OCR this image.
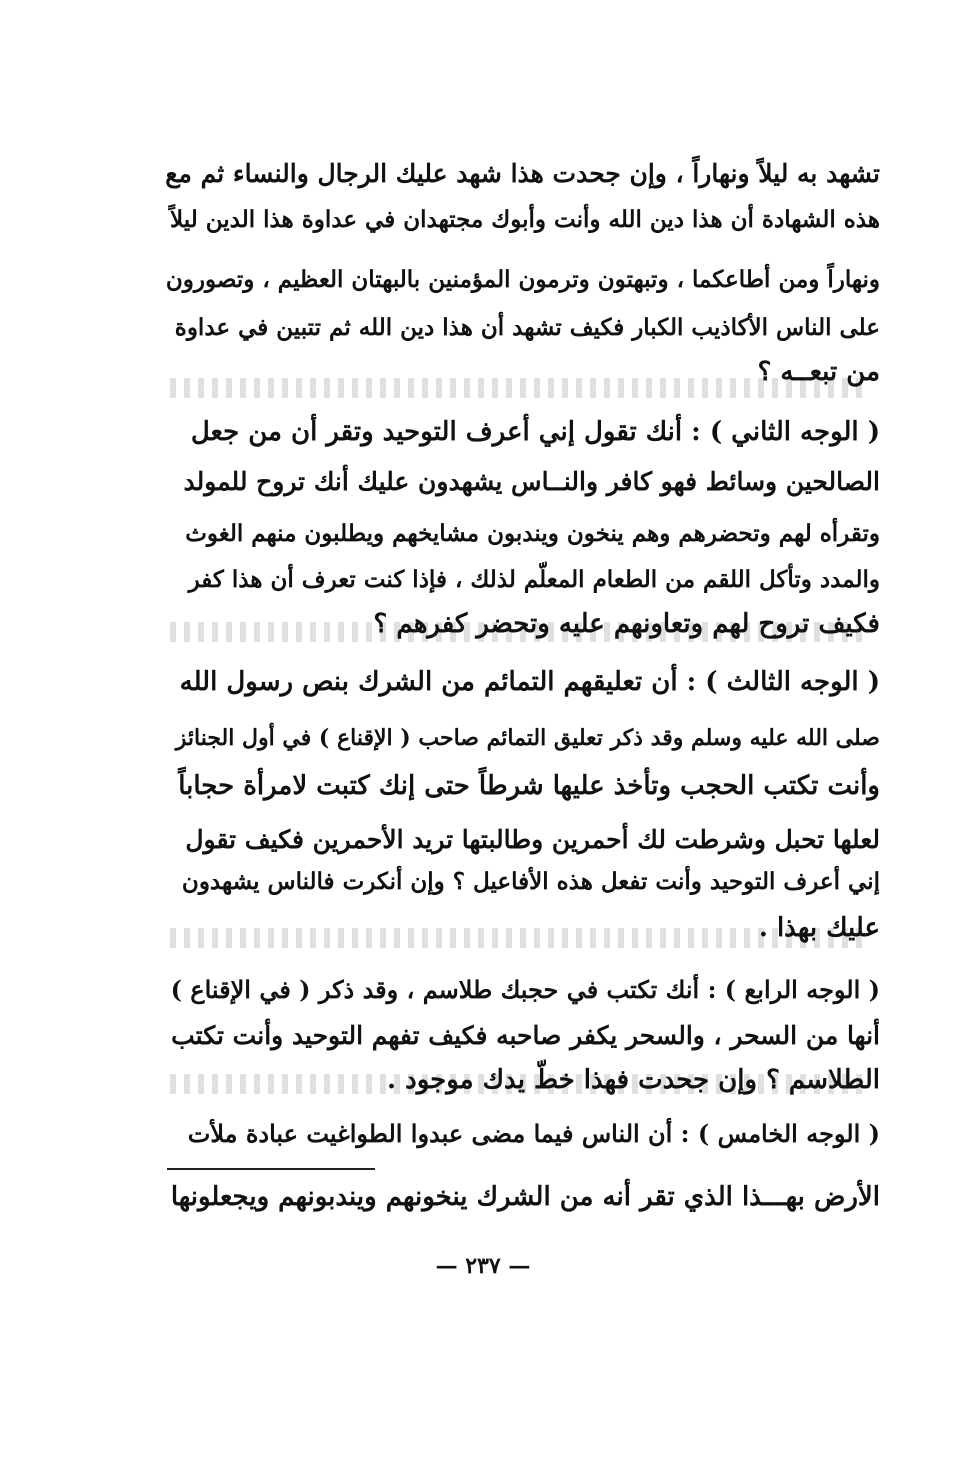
تشهد به ليلاً ونهاراً ، وإن جحدت هذا شهد عليك الرجال والنساء ثم مع
هذه الشهادة أن هذا دين الله وأنت وأبوك مجتهدان في عداوة هذا الدين ليلاً
ونهاراً ومن أطاعكما ، وتبهتون وترمون المؤمنين بالبهتان العظيم ، وتصورون
على الناس الأكاذيب الكبار فكيف تشهد أن هذا دين الله ثم تتبين في عداوة
من تبعــه ؟
( الوجه الثاني ) : أنك تقول إني أعرف التوحيد وتقر أن من جعل
الصالحين وسائط فهو كافر والنــاس يشهدون عليك أنك تروح للمولد
وتقرأه لهم وتحضرهم وهم ينخون ويندبون مشايخهم ويطلبون منهم الغوث
والمدد وتأكل اللقم من الطعام المعلّم لذلك ، فإذا كنت تعرف أن هذا كفر
فكيف تروح لهم وتعاونهم عليه وتحضر كفرهم ؟
( الوجه الثالث ) : أن تعليقهم التمائم من الشرك بنص رسول الله
صلى الله عليه وسلم وقد ذكر تعليق التمائم صاحب ( الإقناع ) في أول الجنائز
وأنت تكتب الحجب وتأخذ عليها شرطاً حتى إنك كتبت لامرأة حجاباً
لعلها تحبل وشرطت لك أحمرين وطالبتها تريد الأحمرين فكيف تقول
إني أعرف التوحيد وأنت تفعل هذه الأفاعيل ؟ وإن أنكرت فالناس يشهدون
عليك بهذا .
( الوجه الرابع ) : أنك تكتب في حجبك طلاسم ، وقد ذكر ( في الإقناع )
أنها من السحر ، والسحر يكفر صاحبه فكيف تفهم التوحيد وأنت تكتب
الطلاسم ؟ وإن جحدت فهذا خطّ يدك موجود .
( الوجه الخامس ) : أن الناس فيما مضى عبدوا الطواغيت عبادة ملأت
الأرض بهـــذا الذي تقر أنه من الشرك ينخونهم ويندبونهم ويجعلونها
— ٢٣٧ —
